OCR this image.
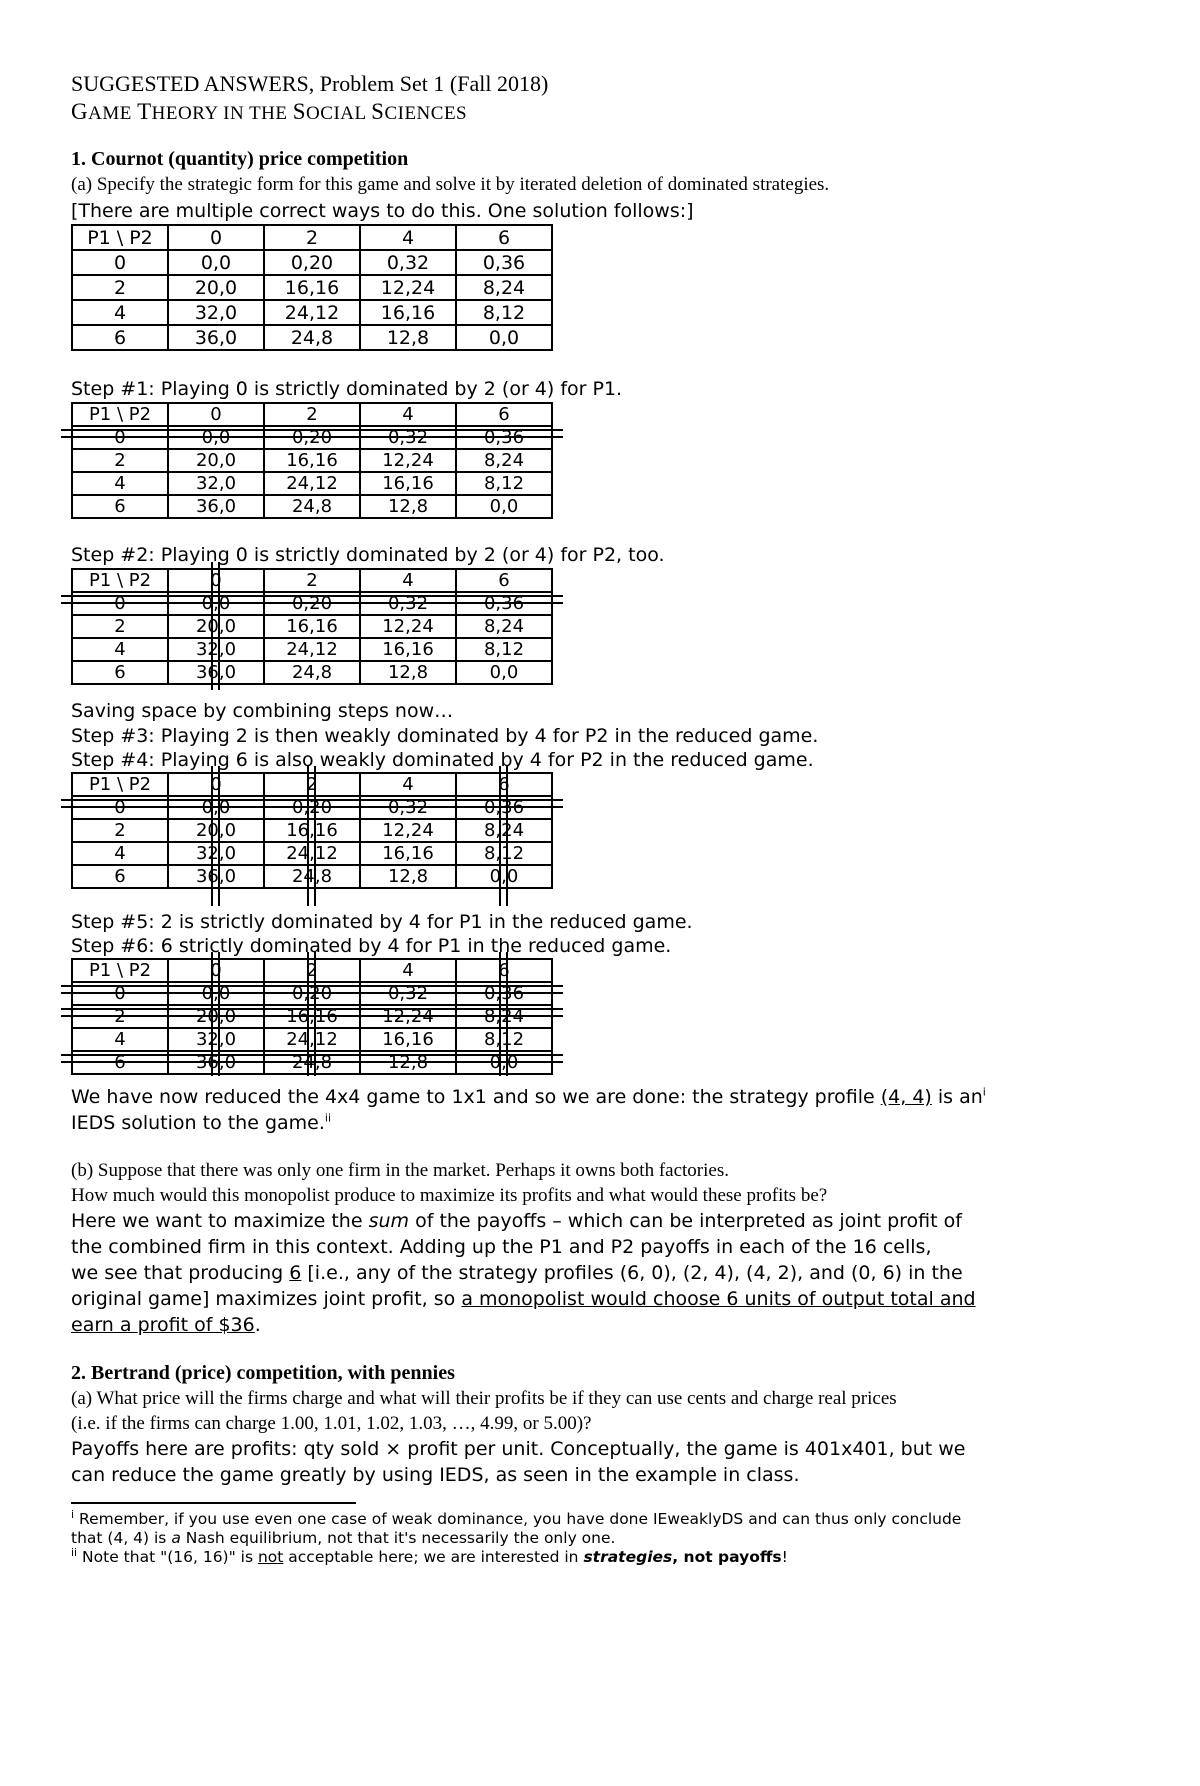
SUGGESTED ANSWERS, Problem Set 1 (Fall 2018)
GAME THEORY IN THE SOCIAL SCIENCES
1. Cournot (quantity) price competition
(a) Specify the strategic form for this game and solve it by iterated deletion of dominated strategies.
[There are multiple correct ways to do this. One solution follows:]
P1 \ P2	0	2	4	6
0	0,0	0,20	0,32	0,36
2	20,0	16,16	12,24	8,24
4	32,0	24,12	16,16	8,12
6	36,0	24,8	12,8	0,0
Step #1: Playing 0 is strictly dominated by 2 (or 4) for P1.
P1 \ P2	0	2	4	6
0	0,0	0,20	0,32	0,36
2	20,0	16,16	12,24	8,24
4	32,0	24,12	16,16	8,12
6	36,0	24,8	12,8	0,0
Step #2: Playing 0 is strictly dominated by 2 (or 4) for P2, too.
P1 \ P2	0	2	4	6
0	0,0	0,20	0,32	0,36
2	20,0	16,16	12,24	8,24
4	32,0	24,12	16,16	8,12
6	36,0	24,8	12,8	0,0
Saving space by combining steps now…
Step #3: Playing 2 is then weakly dominated by 4 for P2 in the reduced game.
Step #4: Playing 6 is also weakly dominated by 4 for P2 in the reduced game.
P1 \ P2	0	2	4	6
0	0,0	0,20	0,32	0,36
2	20,0	16,16	12,24	8,24
4	32,0	24,12	16,16	8,12
6	36,0	24,8	12,8	0,0
Step #5: 2 is strictly dominated by 4 for P1 in the reduced game.
Step #6: 6 strictly dominated by 4 for P1 in the reduced game.
P1 \ P2	0	2	4	6
0	0,0	0,20	0,32	0,36
2	20,0	16,16	12,24	8,24
4	32,0	24,12	16,16	8,12
6	36,0	24,8	12,8	0,0
We have now reduced the 4x4 game to 1x1 and so we are done: the strategy profile (4, 4) is $an^i$
IEDS solution to the game.$^{ii}$
(b) Suppose that there was only one firm in the market. Perhaps it owns both factories.
How much would this monopolist produce to maximize its profits and what would these profits be?
Here we want to maximize the sum of the payoffs – which can be interpreted as joint profit of
the combined firm in this context. Adding up the P1 and P2 payoffs in each of the 16 cells,
we see that producing 6 [i.e., any of the strategy profiles (6, 0), (2, 4), (4, 2), and (0, 6) in the
original game] maximizes joint profit, so a monopolist would choose 6 units of output total and
earn a profit of $36.
2. Bertrand (price) competition, with pennies
(a) What price will the firms charge and what will their profits be if they can use cents and charge real prices
(i.e. if the firms can charge 1.00, 1.01, 1.02, 1.03, …, 4.99, or 5.00)?
Payoffs here are profits: qty sold × profit per unit. Conceptually, the game is 401x401, but we
can reduce the game greatly by using IEDS, as seen in the example in class.
$^i$ Remember, if you use even one case of weak dominance, you have done IEweaklyDS and can thus only conclude
that (4, 4) is a Nash equilibrium, not that it's necessarily the only one.
$^{ii}$ Note that "(16, 16)" is not acceptable here; we are interested in strategies, not payoffs!
